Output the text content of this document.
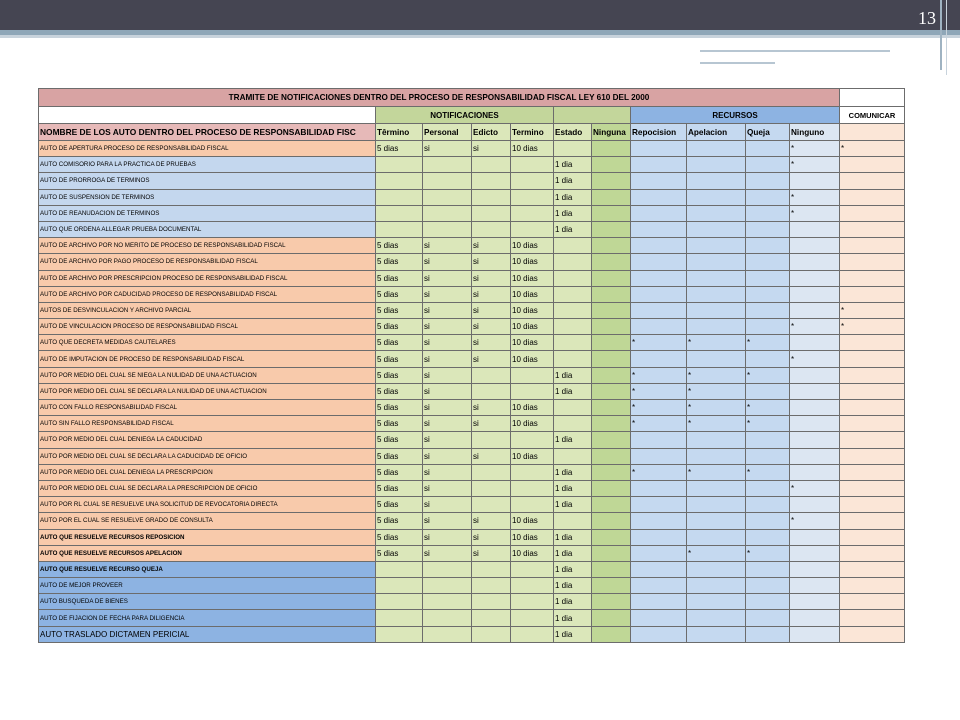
13
TRAMITE DE NOTIFICACIONES DENTRO DEL PROCESO DE RESPONSABILIDAD FISCAL LEY 610 DEL 2000											
	NOTIFICACIONES						RECURSOS				COMUNICAR
NOMBRE DE LOS AUTO DENTRO DEL PROCESO DE RESPONSABILIDAD FISC	Têrmino	Personal	Edicto	Termino	Estado	Ninguna	Repocision	Apelacion	Queja	Ninguno	
AUTO DE APERTURA PROCESO DE RESPONSABILIDAD FISCAL	5 dias	si	si	10 dias						*	*
AUTO COMISORIO PARA LA PRACTICA DE PRUEBAS					1 dia					*	
AUTO DE PRORROGA DE TERMINOS					1 dia						
AUTO DE SUSPENSION DE TERMINOS					1 dia					*	
AUTO DE REANUDACION DE TERMINOS					1 dia					*	
AUTO QUE ORDENA ALLEGAR PRUEBA DOCUMENTAL					1 dia						
AUTO DE ARCHIVO POR NO MERITO DE PROCESO DE RESPONSABILIDAD FISCAL	5 dias	si	si	10 dias							
AUTO DE ARCHIVO POR PAGO PROCESO DE RESPONSABILIDAD FISCAL	5 dias	si	si	10 dias							
AUTO DE ARCHIVO POR PRESCRIPCION PROCESO DE RESPONSABILIDAD FISCAL	5 dias	si	si	10 dias							
AUTO DE ARCHIVO POR CADUCIDAD PROCESO DE RESPONSABILIDAD FISCAL	5 dias	si	si	10 dias							
AUTOS DE DESVINCULACION Y ARCHIVO PARCIAL	5 dias	si	si	10 dias							*
AUTO DE VINCULACION PROCESO DE RESPONSABILIDAD FISCAL	5 dias	si	si	10 dias						*	*
AUTO QUE DECRETA MEDIDAS CAUTELARES	5 dias	si	si	10 dias			*	*	*		
AUTO DE IMPUTACION DE PROCESO DE RESPONSABILIDAD FISCAL	5 dias	si	si	10 dias						*	
AUTO POR MEDIO DEL CUAL SE NIEGA LA NULIDAD DE UNA ACTUACION	5 dias	si			1 dia		*	*	*		
AUTO POR MEDIO DEL CUAL SE DECLARA LA NULIDAD DE UNA ACTUACION	5 dias	si			1 dia		*	*			
AUTO CON FALLO RESPONSABILIDAD FISCAL	5 dias	si	si	10 dias			*	*	*		
AUTO SIN FALLO RESPONSABILIDAD FISCAL	5 dias	si	si	10 dias			*	*	*		
AUTO POR MEDIO DEL CUAL DENIEGA LA CADUCIDAD	5 dias	si			1 dia						
AUTO POR MEDIO DEL CUAL SE DECLARA LA CADUCIDAD DE OFICIO	5 dias	si	si	10 dias							
AUTO POR MEDIO DEL CUAL DENIEGA LA PRESCRIPCION	5 dias	si			1 dia		*	*	*		
AUTO POR MEDIO DEL CUAL SE DECLARA LA PRESCRIPCION DE OFICIO	5 dias	si			1 dia					*	
AUTO POR RL CUAL SE RESUELVE UNA SOLICITUD DE REVOCATORIA DIRECTA	5 dias	si			1 dia						
AUTO POR EL CUAL SE RESUELVE GRADO DE CONSULTA	5 dias	si	si	10 dias						*	
AUTO QUE RESUELVE RECURSOS REPOSICION	5 dias	si	si	10 dias	1 dia						
AUTO QUE RESUELVE RECURSOS APELACION	5 dias	si	si	10 dias	1 dia			*	*		
AUTO QUE RESUELVE RECURSO QUEJA					1 dia						
AUTO DE MEJOR PROVEER					1 dia						
AUTO BUSQUEDA DE BIENES					1 dia						
AUTO DE FIJACION DE FECHA PARA DILIGENCIA					1 dia						
AUTO TRASLADO DICTAMEN PERICIAL					1 dia						
